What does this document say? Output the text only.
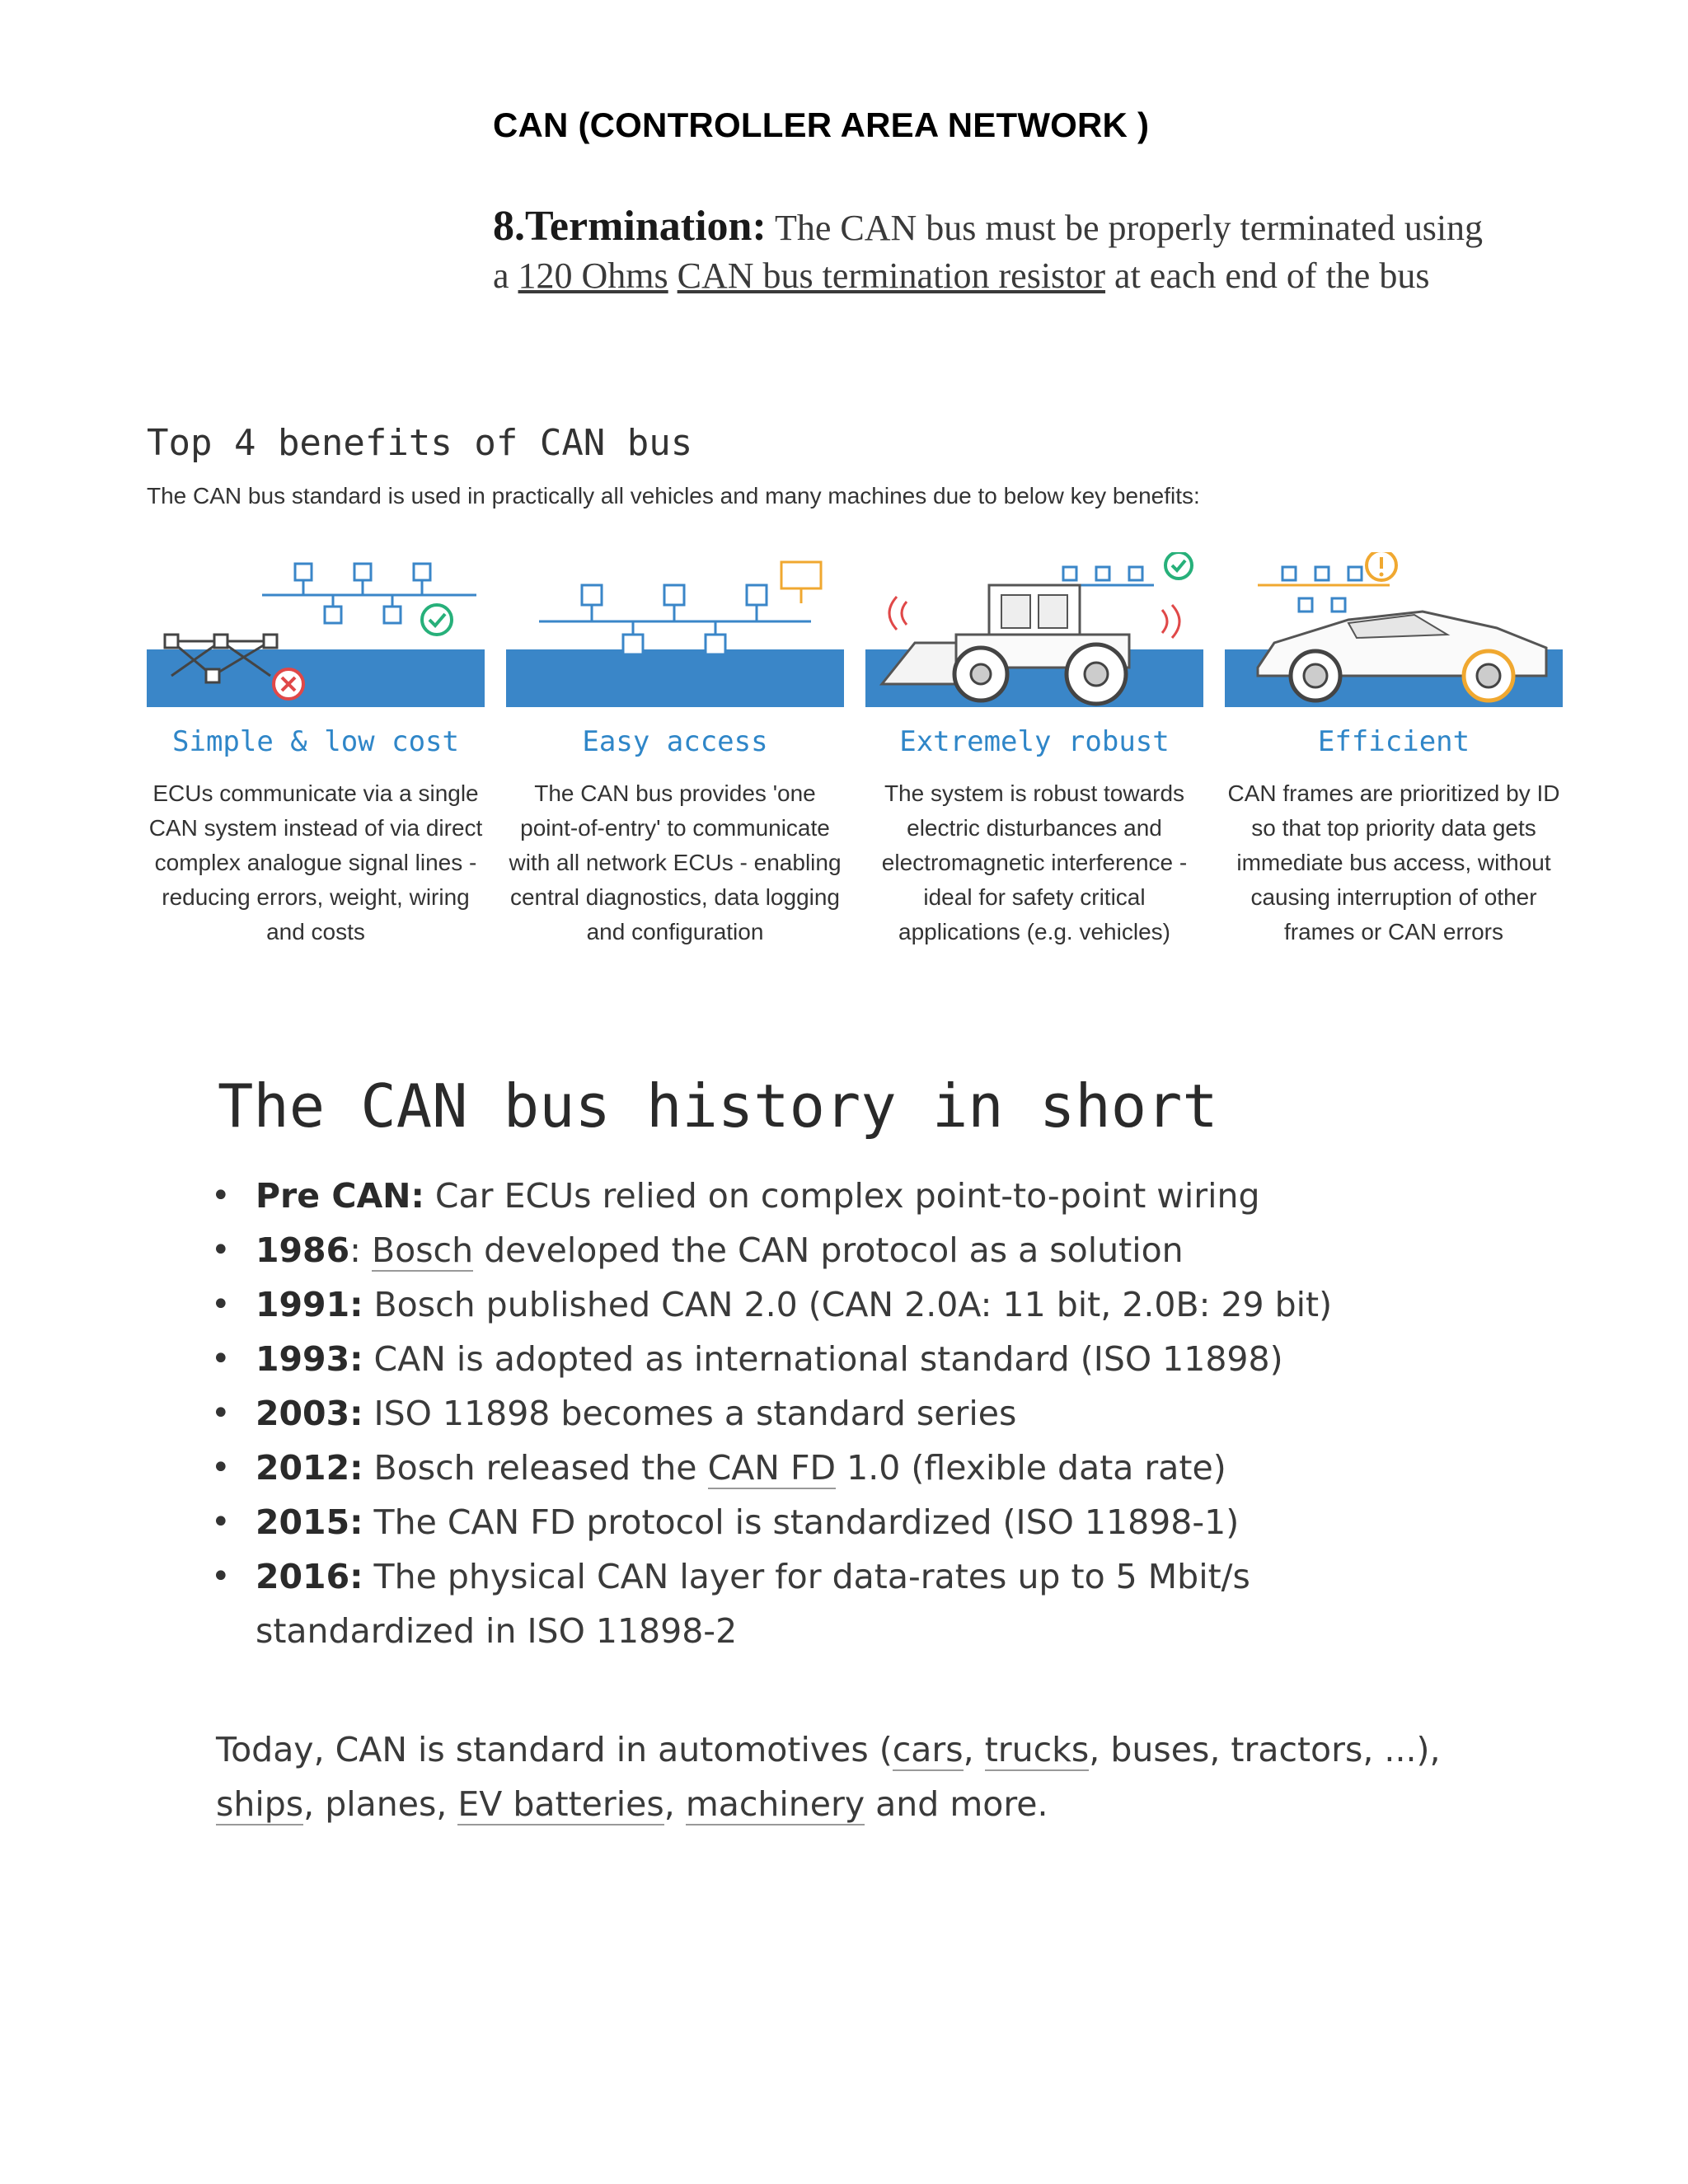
CAN (CONTROLLER AREA NETWORK )

8.Termination: The CAN bus must be properly terminated using a 120 Ohms CAN bus termination resistor at each end of the bus

Top 4 benefits of CAN bus
The CAN bus standard is used in practically all vehicles and many machines due to below key benefits:
Simple & low cost
ECUs communicate via a single CAN system instead of via direct complex analogue signal lines - reducing errors, weight, wiring and costs
Easy access
The CAN bus provides 'one point-of-entry' to communicate with all network ECUs - enabling central diagnostics, data logging and configuration
Extremely robust
The system is robust towards electric disturbances and electromagnetic interference - ideal for safety critical applications (e.g. vehicles)
Efficient
CAN frames are prioritized by ID so that top priority data gets immediate bus access, without causing interruption of other frames or CAN errors
The CAN bus history in short
• Pre CAN: Car ECUs relied on complex point-to-point wiring
• 1986: Bosch developed the CAN protocol as a solution
• 1991: Bosch published CAN 2.0 (CAN 2.0A: 11 bit, 2.0B: 29 bit)
• 1993: CAN is adopted as international standard (ISO 11898)
• 2003: ISO 11898 becomes a standard series
• 2012: Bosch released the CAN FD 1.0 (flexible data rate)
• 2015: The CAN FD protocol is standardized (ISO 11898-1)
• 2016: The physical CAN layer for data-rates up to 5 Mbit/s standardized in ISO 11898-2

Today, CAN is standard in automotives (cars, trucks, buses, tractors, ...), ships, planes, EV batteries, machinery and more.
